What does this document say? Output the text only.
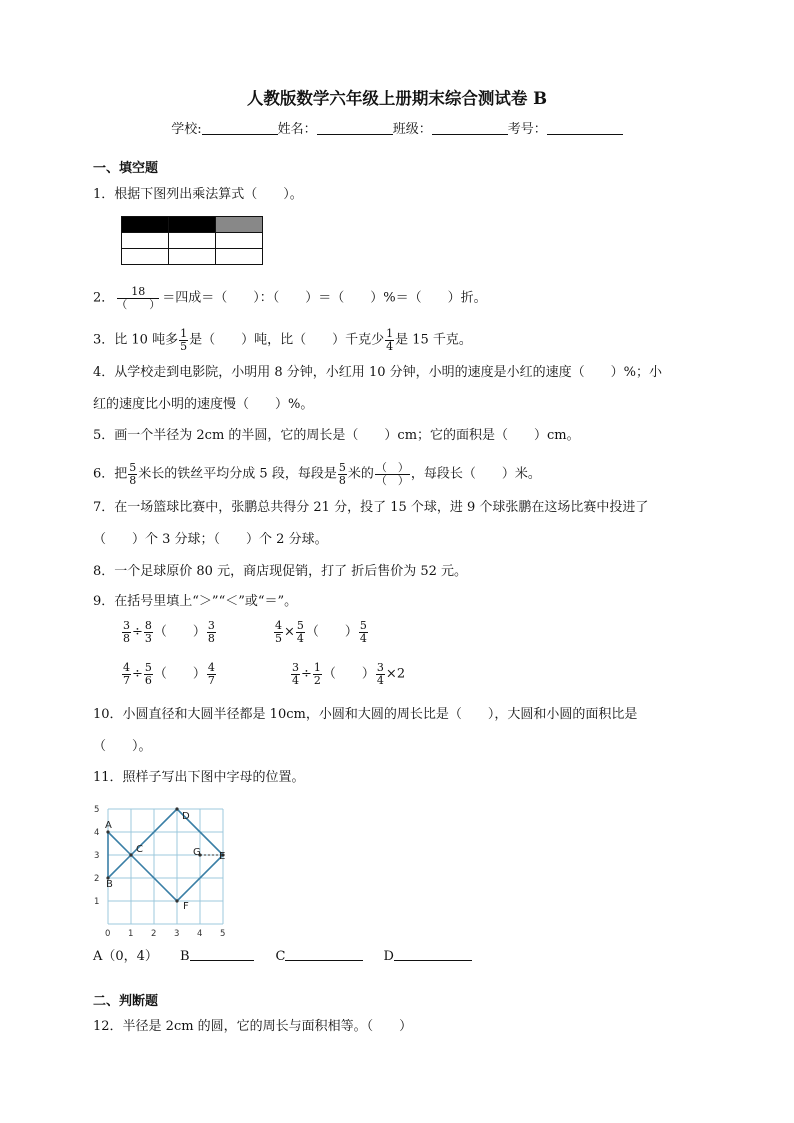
人教版数学六年级上册期末综合测试卷 B
学校:	姓名：	班级：	考号：
一、填空题
1．根据下图列出乘法算式（　　）。

2． $\frac{18}{( )}$ ＝四成＝（　　）：（　　）＝（　　）%＝（　　）折。
3．比 10 吨多 $\frac{1}{5}$ 是（　　）吨，比（　　）千克少 $\frac{1}{4}$ 是 15 千克。
4．从学校走到电影院，小明用 8 分钟，小红用 10 分钟，小明的速度是小红的速度（　　）%；小
红的速度比小明的速度慢（　　）%。
5．画一个半径为 2cm 的半圆，它的周长是（　　）cm；它的面积是（　　）cm。
6．把 $\frac{5}{8}$ 米长的铁丝平均分成 5 段，每段是 $\frac{5}{8}$ 米的 $\frac{( )}{( )}$ ，每段长（　　）米。
7．在一场篮球比赛中，张鹏总共得分 21 分，投了 15 个球，进 9 个球张鹏在这场比赛中投进了
（　　）个 3 分球；（　　）个 2 分球。
8．一个足球原价 80 元，商店现促销，打了 折后售价为 52 元。
9．在括号里填上“＞”“＜”或“＝”。
$\frac{3}{8} \div \frac{8}{3}$ （　　） $\frac{3}{8}$	$\frac{4}{5} \times \frac{5}{4}$ （　　） $\frac{5}{4}$
$\frac{4}{7} \div \frac{5}{6}$ （　　） $\frac{4}{7}$	$\frac{3}{4} \div \frac{1}{2}$ （　　） $\frac{3}{4} \times 2$
10．小圆直径和大圆半径都是 10cm，小圆和大圆的周长比是（　　），大圆和小圆的面积比是
（　　）。
11．照样子写出下图中字母的位置。
A
B
C
D
E
F
G
0 1 2 3 4 5
1
2
3
4
5
A（0，4） B	C	D
二、判断题
12．半径是 2cm 的圆，它的周长与面积相等。（　　）
